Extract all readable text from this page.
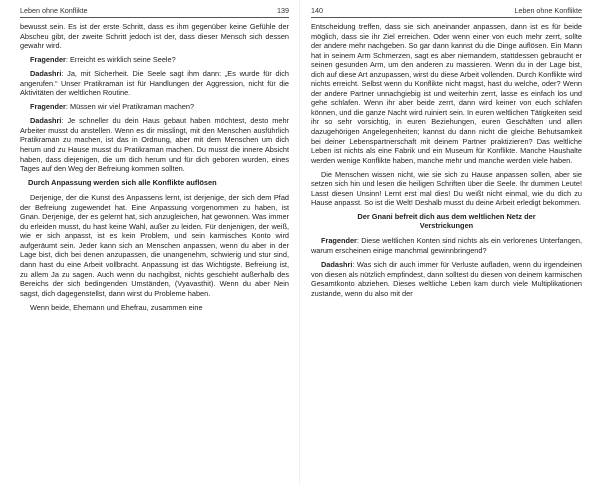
Leben ohne Konflikte	139

bewusst sein. Es ist der erste Schritt, dass es ihm gegenüber keine Gefühle der Abscheu gibt, der zweite Schritt jedoch ist der, dass dieser Mensch sich dessen gewahr wird.

Fragender: Erreicht es wirklich seine Seele?

Dadashri: Ja, mit Sicherheit. Die Seele sagt ihm dann: „Es wurde für dich angerufen.“ Unser Pratikraman ist für Handlungen der Aggression, nicht für die Aktivitäten der weltlichen Routine.

Fragender: Müssen wir viel Pratikraman machen?

Dadashri: Je schneller du dein Haus gebaut haben möchtest, desto mehr Arbeiter musst du anstellen. Wenn es dir misslingt, mit den Menschen ausführlich Pratikraman zu machen, ist das in Ordnung, aber mit dem Menschen um dich herum und zu Hause musst du Pratikraman machen. Du musst die innere Absicht haben, dass diejenigen, die um dich herum und für dich geboren wurden, eines Tages auf den Weg der Befreiung kommen sollten.

Durch Anpassung werden sich alle Konflikte auflösen

Derjenige, der die Kunst des Anpassens lernt, ist derjenige, der sich dem Pfad der Befreiung zugewendet hat. Eine Anpassung vorgenommen zu haben, ist Gnan. Derjenige, der es gelernt hat, sich anzugleichen, hat gewonnen. Was immer du erleiden musst, du hast keine Wahl, außer zu leiden. Für denjenigen, der weiß, wie er sich anpasst, ist es kein Problem, und sein karmisches Konto wird aufgeräumt sein. Jeder kann sich an Menschen anpassen, wenn du aber in der Lage bist, dich bei denen anzupassen, die unangenehm, schwierig und stur sind, dann hast du eine Arbeit vollbracht. Anpassung ist das Wichtigste. Befreiung ist, zu allem Ja zu sagen. Auch wenn du nachgibst, nichts geschieht außerhalb des Bereichs der sich bedingenden Umständen, (Vyavasthit). Wenn du aber Nein sagst, dich dagegenstellst, dann wirst du Probleme haben.

Wenn beide, Ehemann und Ehefrau, zusammen eine

140	Leben ohne Konflikte

Entscheidung treffen, dass sie sich aneinander anpassen, dann ist es für beide möglich, dass sie ihr Ziel erreichen. Oder wenn einer von euch mehr zerrt, sollte der andere mehr nachgeben. So gar dann kannst du die Dinge auflösen. Ein Mann hat in seinem Arm Schmerzen, sagt es aber niemandem, stattdessen gebraucht er seinen gesunden Arm, um den anderen zu massieren. Wenn du in der Lage bist, dich auf diese Art anzupassen, wirst du diese Arbeit vollenden. Durch Konflikte wird nichts erreicht. Selbst wenn du Konflikte nicht magst, hast du welche, oder? Wenn der andere Partner unnachgiebig ist und weiterhin zerrt, lasse es einfach los und gehe schlafen. Wenn ihr aber beide zerrt, dann wird keiner von euch schlafen können, und die ganze Nacht wird ruiniert sein. In euren weltlichen Tätigkeiten seid ihr so sehr vorsichtig, in euren Beziehungen, euren Geschäften und allen dazugehörigen Angelegenheiten; kannst du dann nicht die gleiche Behutsamkeit bei deiner Lebenspartnerschaft mit deinem Partner praktizieren? Das weltliche Leben ist nichts als eine Fabrik und ein Museum für Konflikte. Manche Haushalte werden wenige Konflikte haben, manche mehr und manche werden viele haben.

Die Menschen wissen nicht, wie sie sich zu Hause anpassen sollen, aber sie setzen sich hin und lesen die heiligen Schriften über die Seele. Ihr dummen Leute! Lasst diesen Unsinn! Lernt erst mal dies! Du weißt nicht einmal, wie du dich zu Hause anpasst. So ist die Welt! Deshalb musst du deine Arbeit erledigt bekommen.

Der Gnani befreit dich aus dem weltlichen Netz der
Verstrickungen

Fragender: Diese weltlichen Konten sind nichts als ein verlorenes Unterfangen, warum erscheinen einige manchmal gewinnbringend?

Dadashri: Was sich dir auch immer für Verluste aufladen, wenn du irgendeinen von diesen als nützlich empfindest, dann solltest du diesen von deinem karmischen Gesamtkonto abziehen. Dieses weltliche Leben kam durch viele Multiplikationen zustande, wenn du also mit der
